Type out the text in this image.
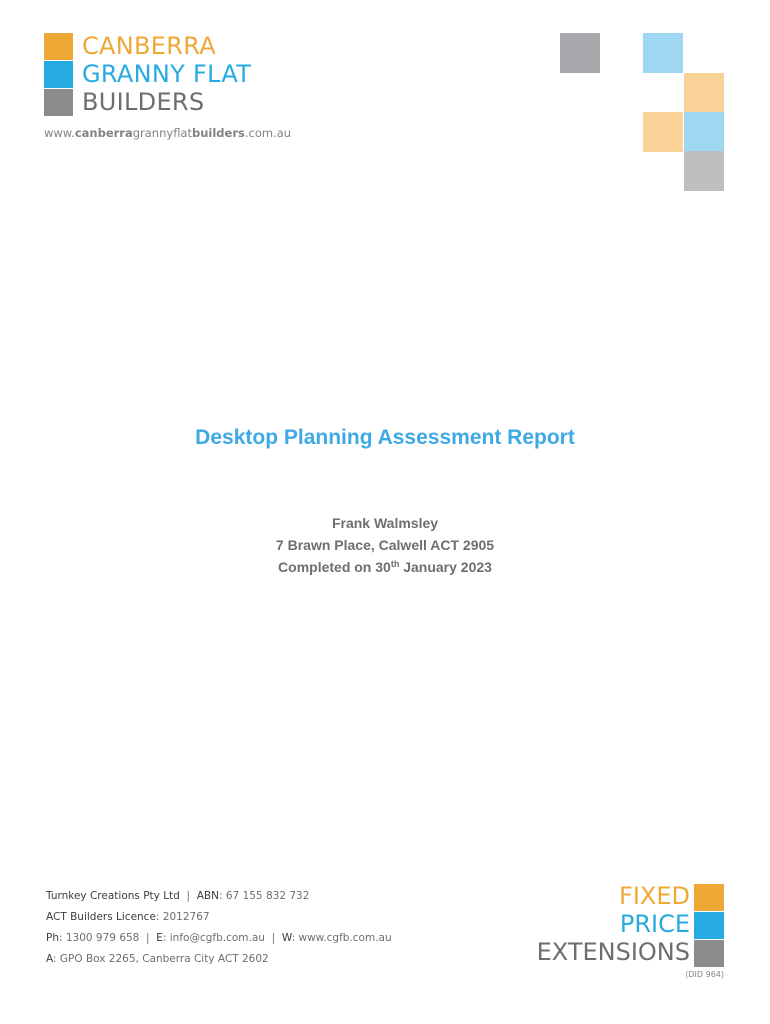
CANBERRA
GRANNY FLAT
BUILDERS
www.canberragrannyflatbuilders.com.au
Desktop Planning Assessment Report
Frank Walmsley
7 Brawn Place, Calwell ACT 2905
Completed on 30th January 2023
Turnkey Creations Pty Ltd  |  ABN: 67 155 832 732
ACT Builders Licence: 2012767
Ph: 1300 979 658  |  E: info@cgfb.com.au  |  W: www.cgfb.com.au
A: GPO Box 2265, Canberra City ACT 2602
FIXED
PRICE
EXTENSIONS
(DID 964)
